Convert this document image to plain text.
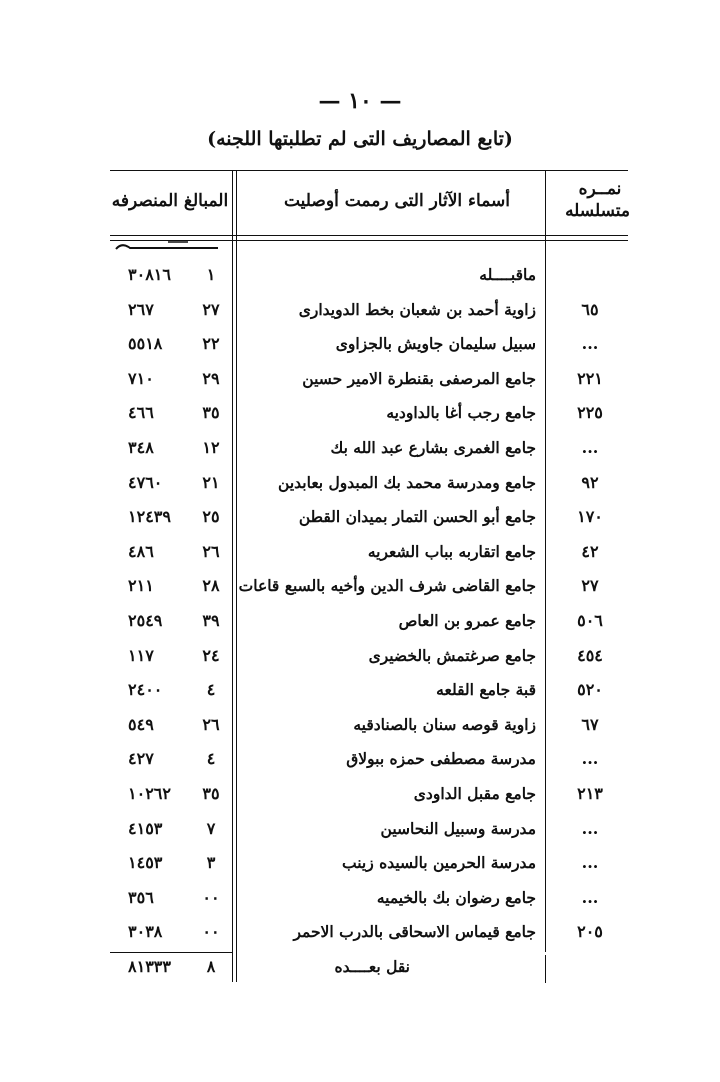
— ١٠ —
(تابع المصاريف التى لم تطلبتها اللجنه)
نمــره متسلسله
أسماء الآثار التى رممت أوصليت
المبالغ المنصرفه
ماقبــــله
١
٣٠٨١٦
٦٥
زاوية أحمد بن شعبان بخط الدويدارى
٢٧
٢٦٧
...
سبيل سليمان جاويش بالجزاوى
٢٢
٥٥١٨
٢٢١
جامع المرصفى بقنطرة الامير حسين
٢٩
٧١٠
٢٢٥
جامع رجب أغا بالداوديه
٣٥
٤٦٦
...
جامع الغمرى بشارع عبد الله بك
١٢
٣٤٨
٩٢
جامع ومدرسة محمد بك المبدول بعابدين
٢١
٤٧٦٠
١٧٠
جامع أبو الحسن التمار بميدان القطن
٢٥
١٢٤٣٩
٤٢
جامع اتقاربه بباب الشعريه
٢٦
٤٨٦
٢٧
جامع القاضى شرف الدين وأخيه بالسبع قاعات
٢٨
٢١١
٥٠٦
جامع عمرو بن العاص
٣٩
٢٥٤٩
٤٥٤
جامع صرغتمش بالخضيرى
٢٤
١١٧
٥٢٠
قبة جامع القلعه
٤
٢٤٠٠
٦٧
زاوية قوصه سنان بالصنادقيه
٢٦
٥٤٩
...
مدرسة مصطفى حمزه ببولاق
٤
٤٢٧
٢١٣
جامع مقبل الداودى
٣٥
١٠٢٦٢
...
مدرسة وسبيل النحاسين
٧
٤١٥٣
...
مدرسة الحرمين بالسيده زينب
٣
١٤٥٣
...
جامع رضوان بك بالخيميه
٠٠
٣٥٦
٢٠٥
جامع قيماس الاسحاقى بالدرب الاحمر
٠٠
٣٠٣٨
نقل بعــــده
٨
٨١٣٣٣
